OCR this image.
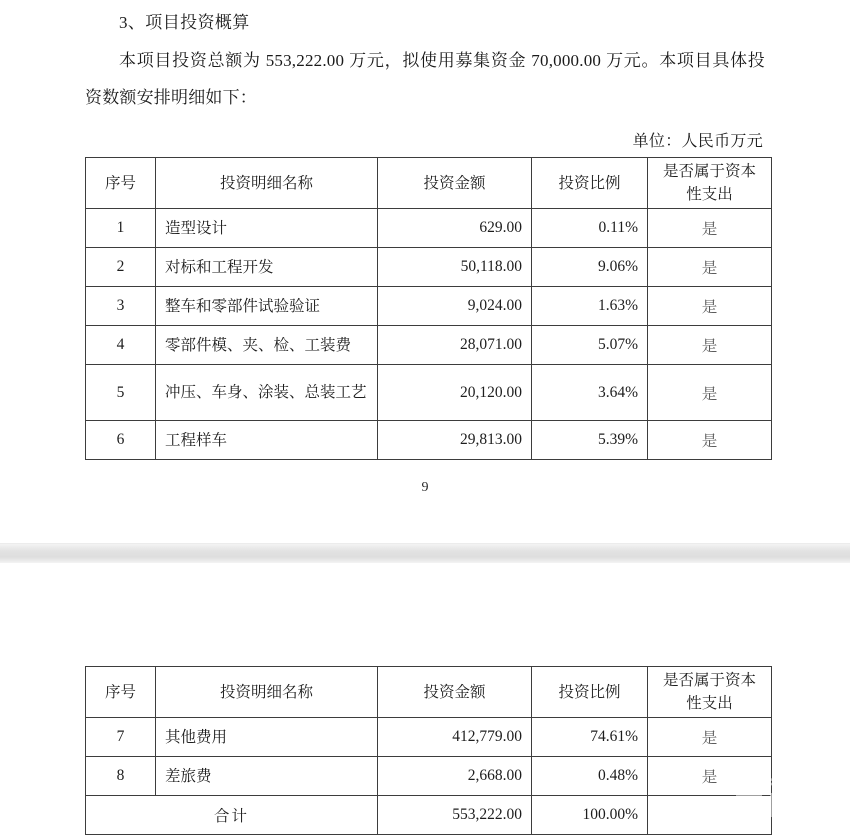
3、项目投资概算

本项目投资总额为 553,222.00 万元，拟使用募集资金 70,000.00 万元。本项目具体投资数额安排明细如下：

单位：人民币万元
序号	投资明细名称	投资金额	投资比例	是否属于资本性支出
1	造型设计	629.00	0.11%	是
2	对标和工程开发	50,118.00	9.06%	是
3	整车和零部件试验验证	9,024.00	1.63%	是
4	零部件模、夹、检、工装费	28,071.00	5.07%	是
5	冲压、车身、涂装、总装工艺	20,120.00	3.64%	是
6	工程样车	29,813.00	5.39%	是
9
序号	投资明细名称	投资金额	投资比例	是否属于资本性支出
7	其他费用	412,779.00	74.61%	是
8	差旅费	2,668.00	0.48%	是
合计		553,222.00	100.00%	
